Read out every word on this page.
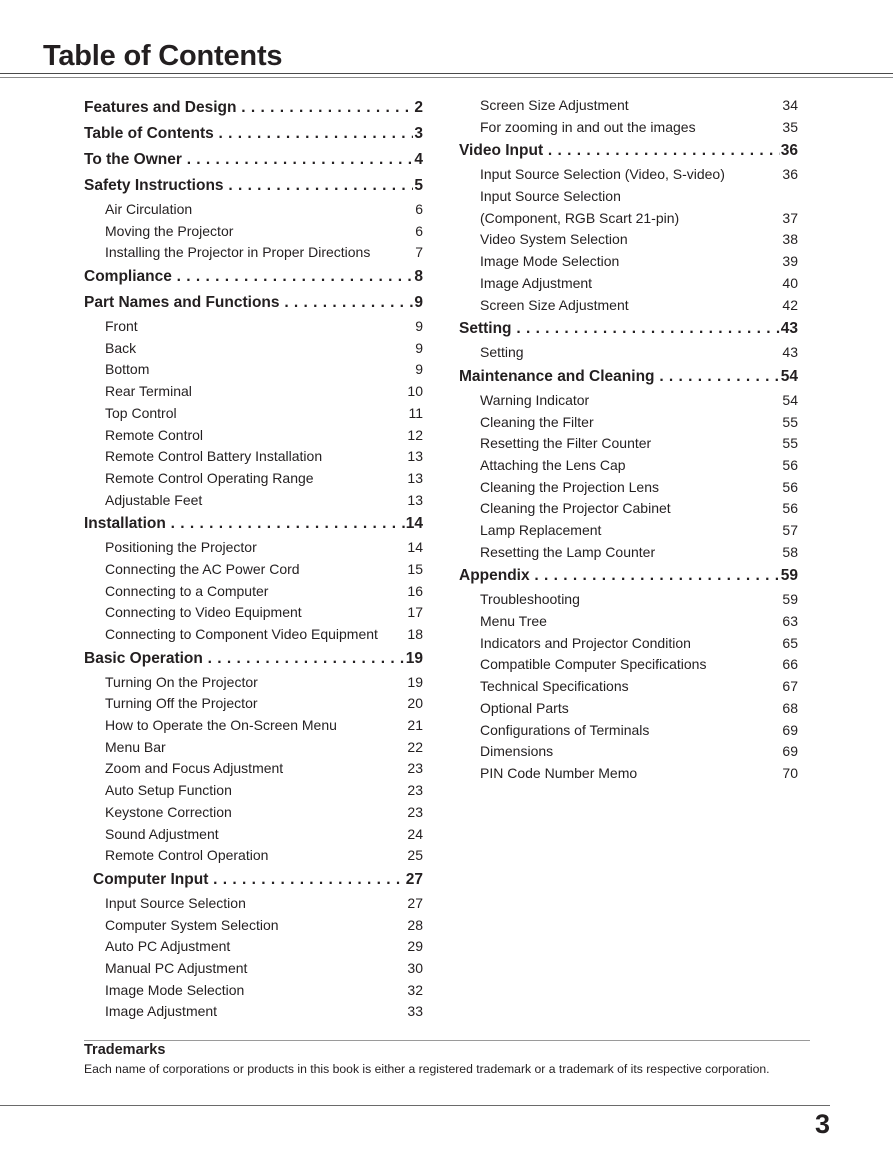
Table of Contents
Features and Design . . .	2
Table of Contents . . .	3
To the Owner . . .	4
Safety Instructions . . .	5
Air Circulation	6
Moving the Projector	6
Installing the Projector in Proper Directions	7
Compliance . . .	8
Part Names and Functions . . .	9
Front	9
Back	9
Bottom	9
Rear Terminal	10
Top Control	11
Remote Control	12
Remote Control Battery Installation	13
Remote Control Operating Range	13
Adjustable Feet	13
Installation . . .	14
Positioning the Projector	14
Connecting the AC Power Cord	15
Connecting to a Computer	16
Connecting to Video Equipment	17
Connecting to Component Video Equipment	18
Basic Operation . . .	19
Turning On the Projector	19
Turning Off the Projector	20
How to Operate the On-Screen Menu	21
Menu Bar	22
Zoom and Focus Adjustment	23
Auto Setup Function	23
Keystone Correction	23
Sound Adjustment	24
Remote Control Operation	25
Computer Input . . .	27
Input Source Selection	27
Computer System Selection	28
Auto PC Adjustment	29
Manual PC Adjustment	30
Image Mode Selection	32
Image Adjustment	33
Screen Size Adjustment	34
For zooming in and out the images	35
Video Input . . .	36
Input Source Selection (Video, S-video)	36
Input Source Selection
(Component, RGB Scart 21-pin)	37
Video System Selection	38
Image Mode Selection	39
Image Adjustment	40
Screen Size Adjustment	42
Setting . . .	43
Setting	43
Maintenance and Cleaning . . .	54
Warning Indicator	54
Cleaning the Filter	55
Resetting the Filter Counter	55
Attaching the Lens Cap	56
Cleaning the Projection Lens	56
Cleaning the Projector Cabinet	56
Lamp Replacement	57
Resetting the Lamp Counter	58
Appendix . . .	59
Troubleshooting	59
Menu Tree	63
Indicators and Projector Condition	65
Compatible Computer Specifications	66
Technical Specifications	67
Optional Parts	68
Configurations of Terminals	69
Dimensions	69
PIN Code Number Memo	70
Trademarks
Each name of corporations or products in this book is either a registered trademark or a trademark of its respective corporation.
3
